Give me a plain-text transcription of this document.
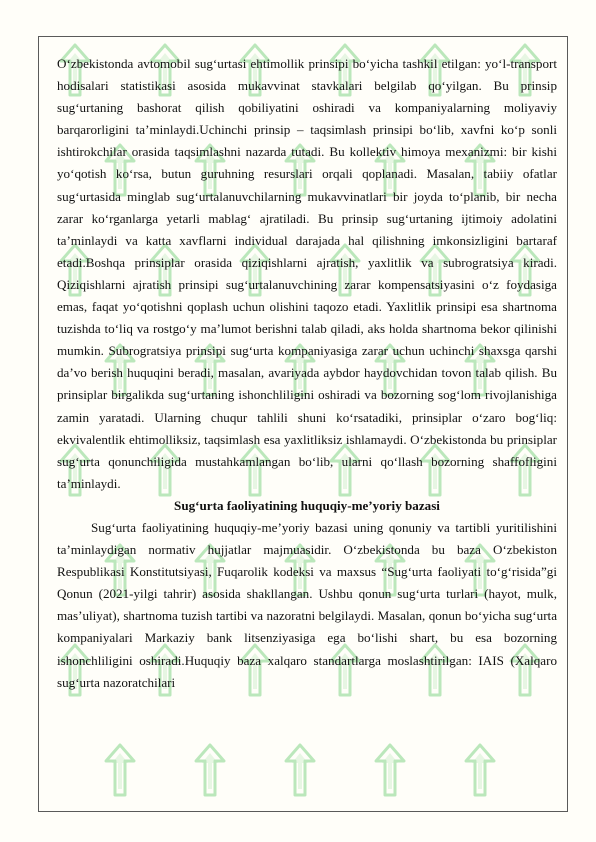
O‘zbekistonda avtomobil sug‘urtasi ehtimollik prinsipi bo‘yicha tashkil etilgan: yo‘l-transport hodisalari statistikasi asosida mukavvinat stavkalari belgilab qo‘yilgan. Bu prinsip sug‘urtaning bashorat qilish qobiliyatini oshiradi va kompaniyalarning moliyaviy barqarorligini ta’minlaydi.Uchinchi prinsip – taqsimlash prinsipi bo‘lib, xavfni ko‘p sonli ishtirokchilar orasida taqsimlashni nazarda tutadi. Bu kollektiv himoya mexanizmi: bir kishi yo‘qotish ko‘rsa, butun guruhning resurslari orqali qoplanadi. Masalan, tabiiy ofatlar sug‘urtasida minglab sug‘urtalanuvchilarning mukavvinatlari bir joyda to‘planib, bir necha zarar ko‘rganlarga yetarli mablag‘ ajratiladi. Bu prinsip sug‘urtaning ijtimoiy adolatini ta’minlaydi va katta xavflarni individual darajada hal qilishning imkonsizligini bartaraf etadi.Boshqa prinsiplar orasida qiziqishlarni ajratish, yaxlitlik va subrogratsiya kiradi. Qiziqishlarni ajratish prinsipi sug‘urtalanuvchining zarar kompensatsiyasini o‘z foydasiga emas, faqat yo‘qotishni qoplash uchun olishini taqozo etadi. Yaxlitlik prinsipi esa shartnoma tuzishda to‘liq va rostgo‘y ma’lumot berishni talab qiladi, aks holda shartnoma bekor qilinishi mumkin. Subrogratsiya prinsipi sug‘urta kompaniyasiga zarar uchun uchinchi shaxsga qarshi da’vo berish huquqini beradi, masalan, avariyada aybdor haydovchidan tovon talab qilish. Bu prinsiplar birgalikda sug‘urtaning ishonchliligini oshiradi va bozorning sog‘lom rivojlanishiga zamin yaratadi. Ularning chuqur tahlili shuni ko‘rsatadiki, prinsiplar o‘zaro bog‘liq: ekvivalentlik ehtimolliksiz, taqsimlash esa yaxlitliksiz ishlamaydi. O‘zbekistonda bu prinsiplar sug‘urta qonunchiligida mustahkamlangan bo‘lib, ularni qo‘llash bozorning shaffofligini ta’minlaydi.

Sug‘urta faoliyatining huquqiy-me’yoriy bazasi

Sug‘urta faoliyatining huquqiy-me’yoriy bazasi uning qonuniy va tartibli yuritilishini ta’minlaydigan normativ hujjatlar majmuasidir. O‘zbekistonda bu baza O‘zbekiston Respublikasi Konstitutsiyasi, Fuqarolik kodeksi va maxsus “Sug‘urta faoliyati to‘g‘risida”gi Qonun (2021-yilgi tahrir) asosida shakllangan. Ushbu qonun sug‘urta turlari (hayot, mulk, mas’uliyat), shartnoma tuzish tartibi va nazoratni belgilaydi. Masalan, qonun bo‘yicha sug‘urta kompaniyalari Markaziy bank litsenziyasiga ega bo‘lishi shart, bu esa bozorning ishonchliligini oshiradi.Huquqiy baza xalqaro standartlarga moslashtirilgan: IAIS (Xalqaro sug‘urta nazoratchilari
